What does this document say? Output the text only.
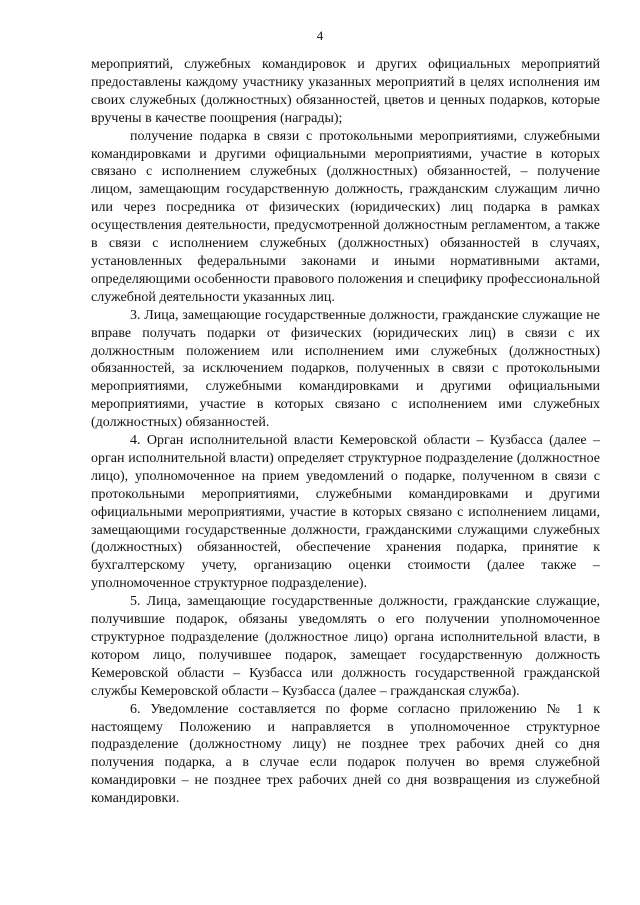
4

мероприятий, служебных командировок и других официальных мероприятий предоставлены каждому участнику указанных мероприятий в целях исполнения им своих служебных (должностных) обязанностей, цветов и ценных подарков, которые вручены в качестве поощрения (награды);

получение подарка в связи с протокольными мероприятиями, служебными командировками и другими официальными мероприятиями, участие в которых связано с исполнением служебных (должностных) обязанностей, – получение лицом, замещающим государственную должность, гражданским служащим лично или через посредника от физических (юридических) лиц подарка в рамках осуществления деятельности, предусмотренной должностным регламентом, а также в связи с исполнением служебных (должностных) обязанностей в случаях, установленных федеральными законами и иными нормативными актами, определяющими особенности правового положения и специфику профессиональной служебной деятельности указанных лиц.

3. Лица, замещающие государственные должности, гражданские служащие не вправе получать подарки от физических (юридических лиц) в связи с их должностным положением или исполнением ими служебных (должностных) обязанностей, за исключением подарков, полученных в связи с протокольными мероприятиями, служебными командировками и другими официальными мероприятиями, участие в которых связано с исполнением ими служебных (должностных) обязанностей.

4. Орган исполнительной власти Кемеровской области – Кузбасса (далее – орган исполнительной власти) определяет структурное подразделение (должностное лицо), уполномоченное на прием уведомлений о подарке, полученном в связи с протокольными мероприятиями, служебными командировками и другими официальными мероприятиями, участие в которых связано с исполнением лицами, замещающими государственные должности, гражданскими служащими служебных (должностных) обязанностей, обеспечение хранения подарка, принятие к бухгалтерскому учету, организацию оценки стоимости (далее также – уполномоченное структурное подразделение).

5. Лица, замещающие государственные должности, гражданские служащие, получившие подарок, обязаны уведомлять о его получении уполномоченное структурное подразделение (должностное лицо) органа исполнительной власти, в котором лицо, получившее подарок, замещает государственную должность Кемеровской области – Кузбасса или должность государственной гражданской службы Кемеровской области – Кузбасса (далее – гражданская служба).

6. Уведомление составляется по форме согласно приложению № 1 к настоящему Положению и направляется в уполномоченное структурное подразделение (должностному лицу) не позднее трех рабочих дней со дня получения подарка, а в случае если подарок получен во время служебной командировки – не позднее трех рабочих дней со дня возвращения из служебной командировки.
